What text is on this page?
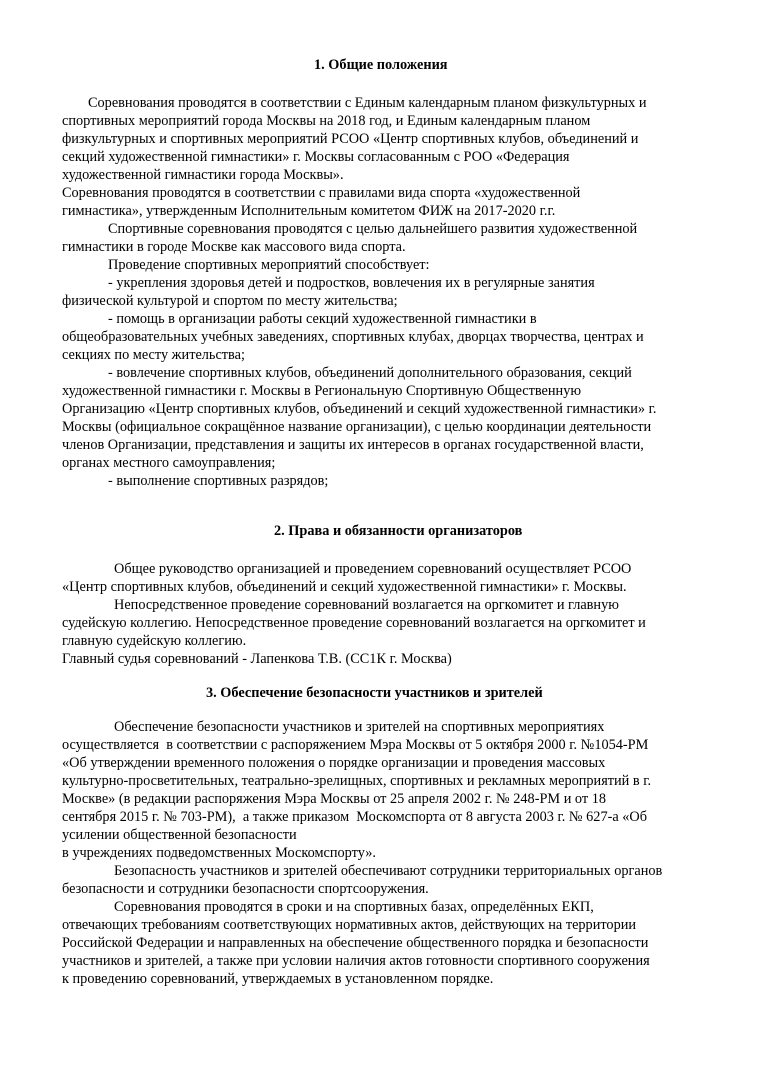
1. Общие положения
Соревнования проводятся в соответствии с Единым календарным планом физкультурных и
спортивных мероприятий города Москвы на 2018 год, и Единым календарным планом
физкультурных и спортивных мероприятий РСОО «Центр спортивных клубов, объединений и
секций художественной гимнастики» г. Москвы согласованным с РОО «Федерация
художественной гимнастики города Москвы».
Соревнования проводятся в соответствии с правилами вида спорта «художественной
гимнастика», утвержденным Исполнительным комитетом ФИЖ на 2017-2020 г.г.
Спортивные соревнования проводятся с целью дальнейшего развития художественной
гимнастики в городе Москве как массового вида спорта.
Проведение спортивных мероприятий способствует:
- укрепления здоровья детей и подростков, вовлечения их в регулярные занятия
физической культурой и спортом по месту жительства;
- помощь в организации работы секций художественной гимнастики в
общеобразовательных учебных заведениях, спортивных клубах, дворцах творчества, центрах и
секциях по месту жительства;
- вовлечение спортивных клубов, объединений дополнительного образования, секций
художественной гимнастики г. Москвы в Региональную Спортивную Общественную
Организацию «Центр спортивных клубов, объединений и секций художественной гимнастики» г.
Москвы (официальное сокращённое название организации), с целью координации деятельности
членов Организации, представления и защиты их интересов в органах государственной власти,
органах местного самоуправления;
- выполнение спортивных разрядов;
2. Права и обязанности организаторов
Общее руководство организацией и проведением соревнований осуществляет РСОО
«Центр спортивных клубов, объединений и секций художественной гимнастики» г. Москвы.
Непосредственное проведение соревнований возлагается на оргкомитет и главную
судейскую коллегию. Непосредственное проведение соревнований возлагается на оргкомитет и
главную судейскую коллегию.
Главный судья соревнований - Лапенкова Т.В. (СС1К г. Москва)
3. Обеспечение безопасности участников и зрителей
Обеспечение безопасности участников и зрителей на спортивных мероприятиях
осуществляется  в соответствии с распоряжением Мэра Москвы от 5 октября 2000 г. №1054-РМ
«Об утверждении временного положения о порядке организации и проведения массовых
культурно-просветительных, театрально-зрелищных, спортивных и рекламных мероприятий в г.
Москве» (в редакции распоряжения Мэра Москвы от 25 апреля 2002 г. № 248-РМ и от 18
сентября 2015 г. № 703-РМ),  а также приказом  Москомспорта от 8 августа 2003 г. № 627-а «Об
усилении общественной безопасности
в учреждениях подведомственных Москомспорту».
Безопасность участников и зрителей обеспечивают сотрудники территориальных органов
безопасности и сотрудники безопасности спортсооружения.
Соревнования проводятся в сроки и на спортивных базах, определённых ЕКП,
отвечающих требованиям соответствующих нормативных актов, действующих на территории
Российской Федерации и направленных на обеспечение общественного порядка и безопасности
участников и зрителей, а также при условии наличия актов готовности спортивного сооружения
к проведению соревнований, утверждаемых в установленном порядке.
